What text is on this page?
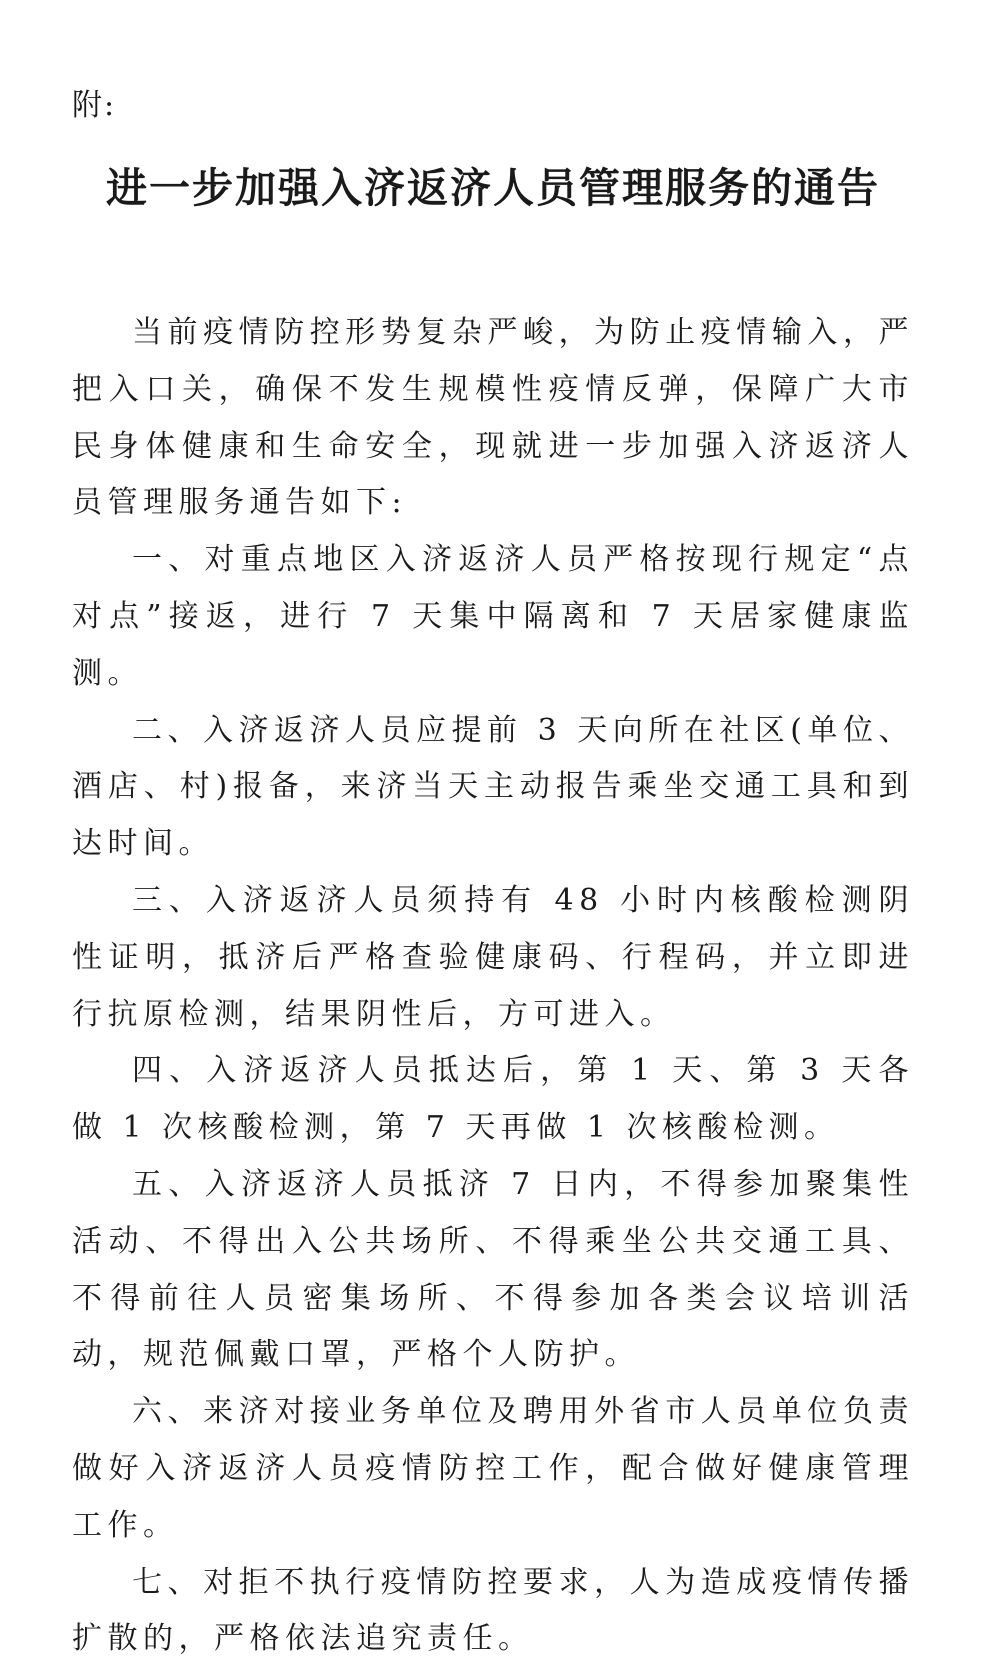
附:
进一步加强入济返济人员管理服务的通告

当前疫情防控形势复杂严峻，为防止疫情输入，严把入口关，确保不发生规模性疫情反弹，保障广大市民身体健康和生命安全，现就进一步加强入济返济人员管理服务通告如下:

一、对重点地区入济返济人员严格按现行规定“点对点”接返，进行 7 天集中隔离和 7 天居家健康监测。

二、入济返济人员应提前 3 天向所在社区(单位、酒店、村)报备，来济当天主动报告乘坐交通工具和到达时间。

三、入济返济人员须持有 48 小时内核酸检测阴性证明，抵济后严格查验健康码、行程码，并立即进行抗原检测，结果阴性后，方可进入。

四、入济返济人员抵达后，第 1 天、第 3 天各做 1 次核酸检测，第 7 天再做 1 次核酸检测。

五、入济返济人员抵济 7 日内，不得参加聚集性活动、不得出入公共场所、不得乘坐公共交通工具、不得前往人员密集场所、不得参加各类会议培训活动，规范佩戴口罩，严格个人防护。

六、来济对接业务单位及聘用外省市人员单位负责做好入济返济人员疫情防控工作，配合做好健康管理工作。

七、对拒不执行疫情防控要求，人为造成疫情传播扩散的，严格依法追究责任。
